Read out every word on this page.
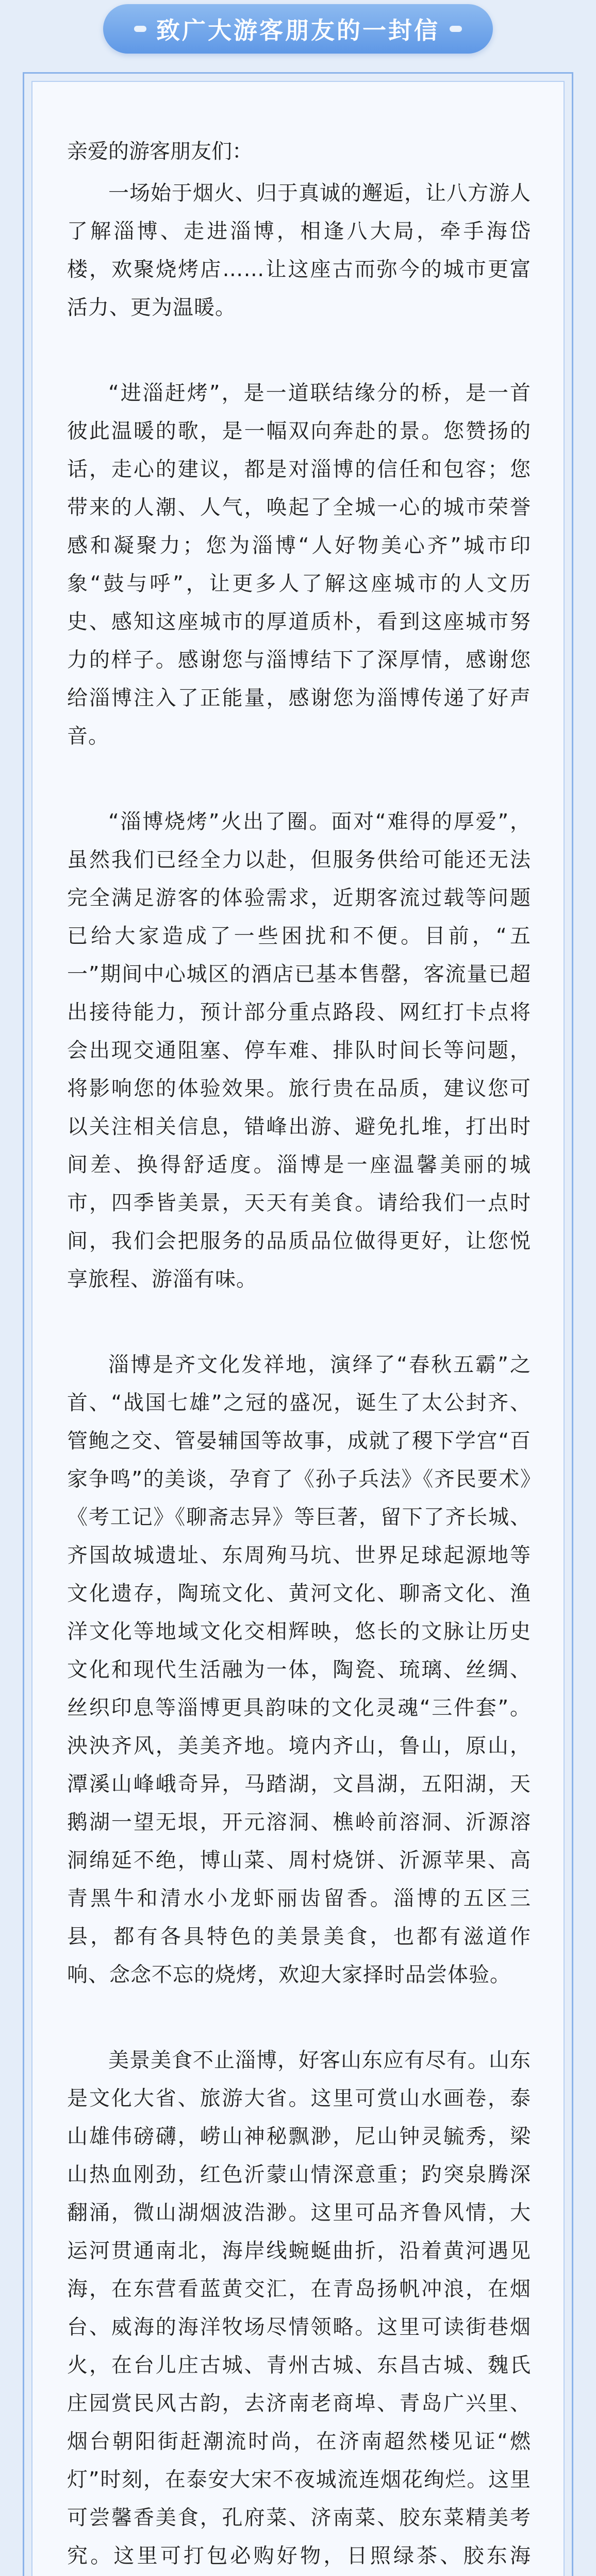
致广大游客朋友的一封信

亲爱的游客朋友们：

一场始于烟火、归于真诚的邂逅，让八方游人了解淄博、走进淄博，相逢八大局，牵手海岱楼，欢聚烧烤店……让这座古而弥今的城市更富活力、更为温暖。

“进淄赶烤”，是一道联结缘分的桥，是一首彼此温暖的歌，是一幅双向奔赴的景。您赞扬的话，走心的建议，都是对淄博的信任和包容；您带来的人潮、人气，唤起了全城一心的城市荣誉感和凝聚力；您为淄博“人好物美心齐”城市印象“鼓与呼”，让更多人了解这座城市的人文历史、感知这座城市的厚道质朴，看到这座城市努力的样子。感谢您与淄博结下了深厚情，感谢您给淄博注入了正能量，感谢您为淄博传递了好声音。

“淄博烧烤”火出了圈。面对“难得的厚爱”，虽然我们已经全力以赴，但服务供给可能还无法完全满足游客的体验需求，近期客流过载等问题已给大家造成了一些困扰和不便。目前，“五一”期间中心城区的酒店已基本售罄，客流量已超出接待能力，预计部分重点路段、网红打卡点将会出现交通阻塞、停车难、排队时间长等问题，将影响您的体验效果。旅行贵在品质，建议您可以关注相关信息，错峰出游、避免扎堆，打出时间差、换得舒适度。淄博是一座温馨美丽的城市，四季皆美景，天天有美食。请给我们一点时间，我们会把服务的品质品位做得更好，让您悦享旅程、游淄有味。

淄博是齐文化发祥地，演绎了“春秋五霸”之首、“战国七雄”之冠的盛况，诞生了太公封齐、管鲍之交、管晏辅国等故事，成就了稷下学宫“百家争鸣”的美谈，孕育了《孙子兵法》《齐民要术》《考工记》《聊斋志异》等巨著，留下了齐长城、齐国故城遗址、东周殉马坑、世界足球起源地等文化遗存，陶琉文化、黄河文化、聊斋文化、渔洋文化等地域文化交相辉映，悠长的文脉让历史文化和现代生活融为一体，陶瓷、琉璃、丝绸、丝织印息等淄博更具韵味的文化灵魂“三件套”。泱泱齐风，美美齐地。境内齐山，鲁山，原山，潭溪山峰峨奇异，马踏湖，文昌湖，五阳湖，天鹅湖一望无垠，开元溶洞、樵岭前溶洞、沂源溶洞绵延不绝，博山菜、周村烧饼、沂源苹果、高青黑牛和清水小龙虾丽齿留香。淄博的五区三县，都有各具特色的美景美食，也都有滋道作响、念念不忘的烧烤，欢迎大家择时品尝体验。

美景美食不止淄博，好客山东应有尽有。山东是文化大省、旅游大省。这里可赏山水画卷，泰山雄伟磅礴，崂山神秘飘渺，尼山钟灵毓秀，梁山热血刚劲，红色沂蒙山情深意重；趵突泉腾深翻涌，微山湖烟波浩渺。这里可品齐鲁风情，大运河贯通南北，海岸线蜿蜒曲折，沿着黄河遇见海，在东营看蓝黄交汇，在青岛扬帆冲浪，在烟台、威海的海洋牧场尽情领略。这里可读街巷烟火，在台儿庄古城、青州古城、东昌古城、魏氏庄园赏民风古韵，去济南老商埠、青岛广兴里、烟台朝阳街赶潮流时尚，在济南超然楼见证“燃灯”时刻，在泰安大宋不夜城流连烟花绚烂。这里可尝馨香美食，孔府菜、济南菜、胶东菜精美考究。这里可打包必购好物，日照绿茶、胶东海
